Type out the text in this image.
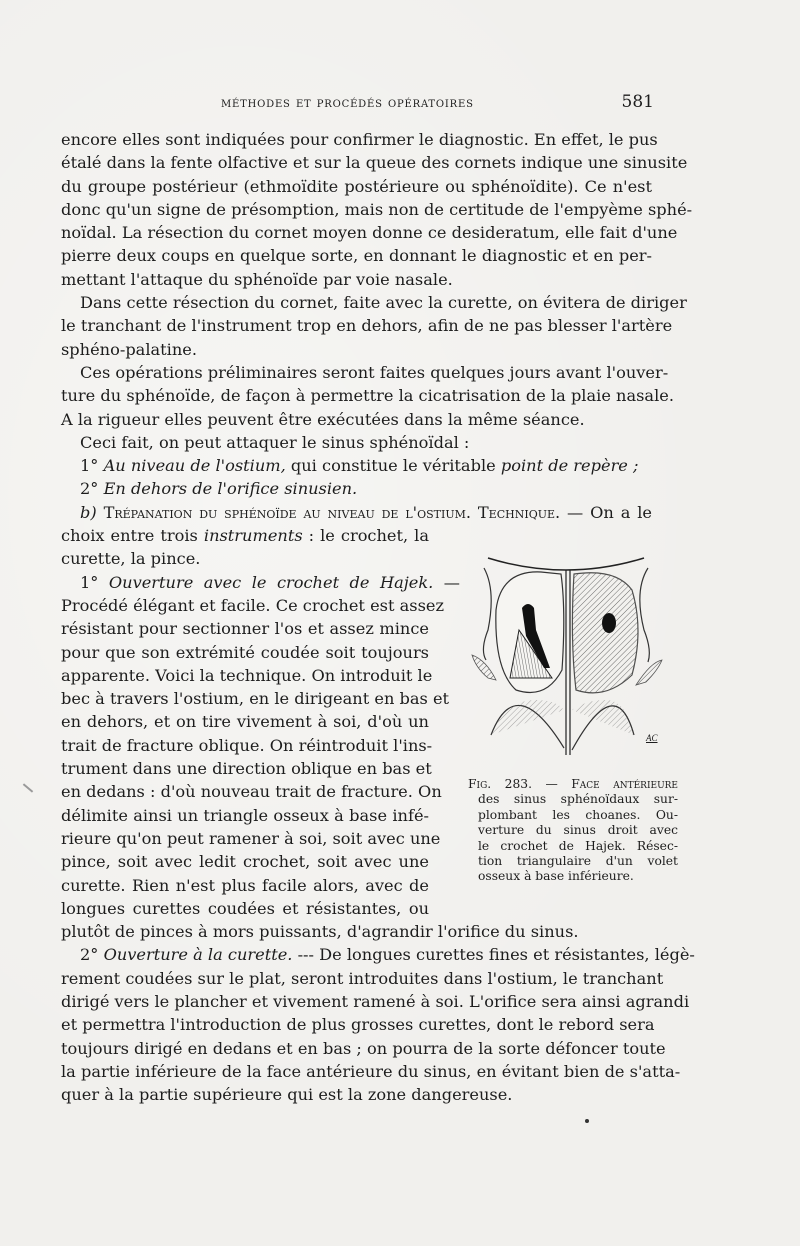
méthodes et procédés opératoires	581
encore elles sont indiquées pour confirmer le diagnostic. En effet, le pus
étalé dans la fente olfactive et sur la queue des cornets indique une sinusite
du groupe postérieur (ethmoïdite postérieure ou sphénoïdite). Ce n'est
donc qu'un signe de présomption, mais non de certitude de l'empyème sphé-
noïdal. La résection du cornet moyen donne ce desideratum, elle fait d'une
pierre deux coups en quelque sorte, en donnant le diagnostic et en per-
mettant l'attaque du sphénoïde par voie nasale.
Dans cette résection du cornet, faite avec la curette, on évitera de diriger
le tranchant de l'instrument trop en dehors, afin de ne pas blesser l'artère
sphéno-palatine.
Ces opérations préliminaires seront faites quelques jours avant l'ouver-
ture du sphénoïde, de façon à permettre la cicatrisation de la plaie nasale.
A la rigueur elles peuvent être exécutées dans la même séance.
Ceci fait, on peut attaquer le sinus sphénoïdal :
1° Au niveau de l'ostium, qui constitue le véritable point de repère ;
2° En dehors de l'orifice sinusien.
b) Trépanation du sphénoïde au niveau de l'ostium. Technique. — On a le
choix entre trois instruments : le crochet, la
curette, la pince.
1° Ouverture avec le crochet de Hajek. —
Procédé élégant et facile. Ce crochet est assez
résistant pour sectionner l'os et assez mince
pour que son extrémité coudée soit toujours
apparente. Voici la technique. On introduit le
bec à travers l'ostium, en le dirigeant en bas et
en dehors, et on tire vivement à soi, d'où un
trait de fracture oblique. On réintroduit l'ins-
trument dans une direction oblique en bas et
en dedans : d'où nouveau trait de fracture. On
délimite ainsi un triangle osseux à base infé-
rieure qu'on peut ramener à soi, soit avec une
pince, soit avec ledit crochet, soit avec une
curette. Rien n'est plus facile alors, avec de
longues curettes coudées et résistantes, ou
plutôt de pinces à mors puissants, d'agrandir l'orifice du sinus.
2° Ouverture à la curette. --- De longues curettes fines et résistantes, légè-
rement coudées sur le plat, seront introduites dans l'ostium, le tranchant
dirigé vers le plancher et vivement ramené à soi. L'orifice sera ainsi agrandi
et permettra l'introduction de plus grosses curettes, dont le rebord sera
toujours dirigé en dedans et en bas ; on pourra de la sorte défoncer toute
la partie inférieure de la face antérieure du sinus, en évitant bien de s'atta-
quer à la partie supérieure qui est la zone dangereuse.
AC
Fig. 283. — Face antérieure
des sinus sphénoïdaux sur-
plombant les choanes. Ou-
verture du sinus droit avec
le crochet de Hajek. Résec-
tion triangulaire d'un volet
osseux à base inférieure.
